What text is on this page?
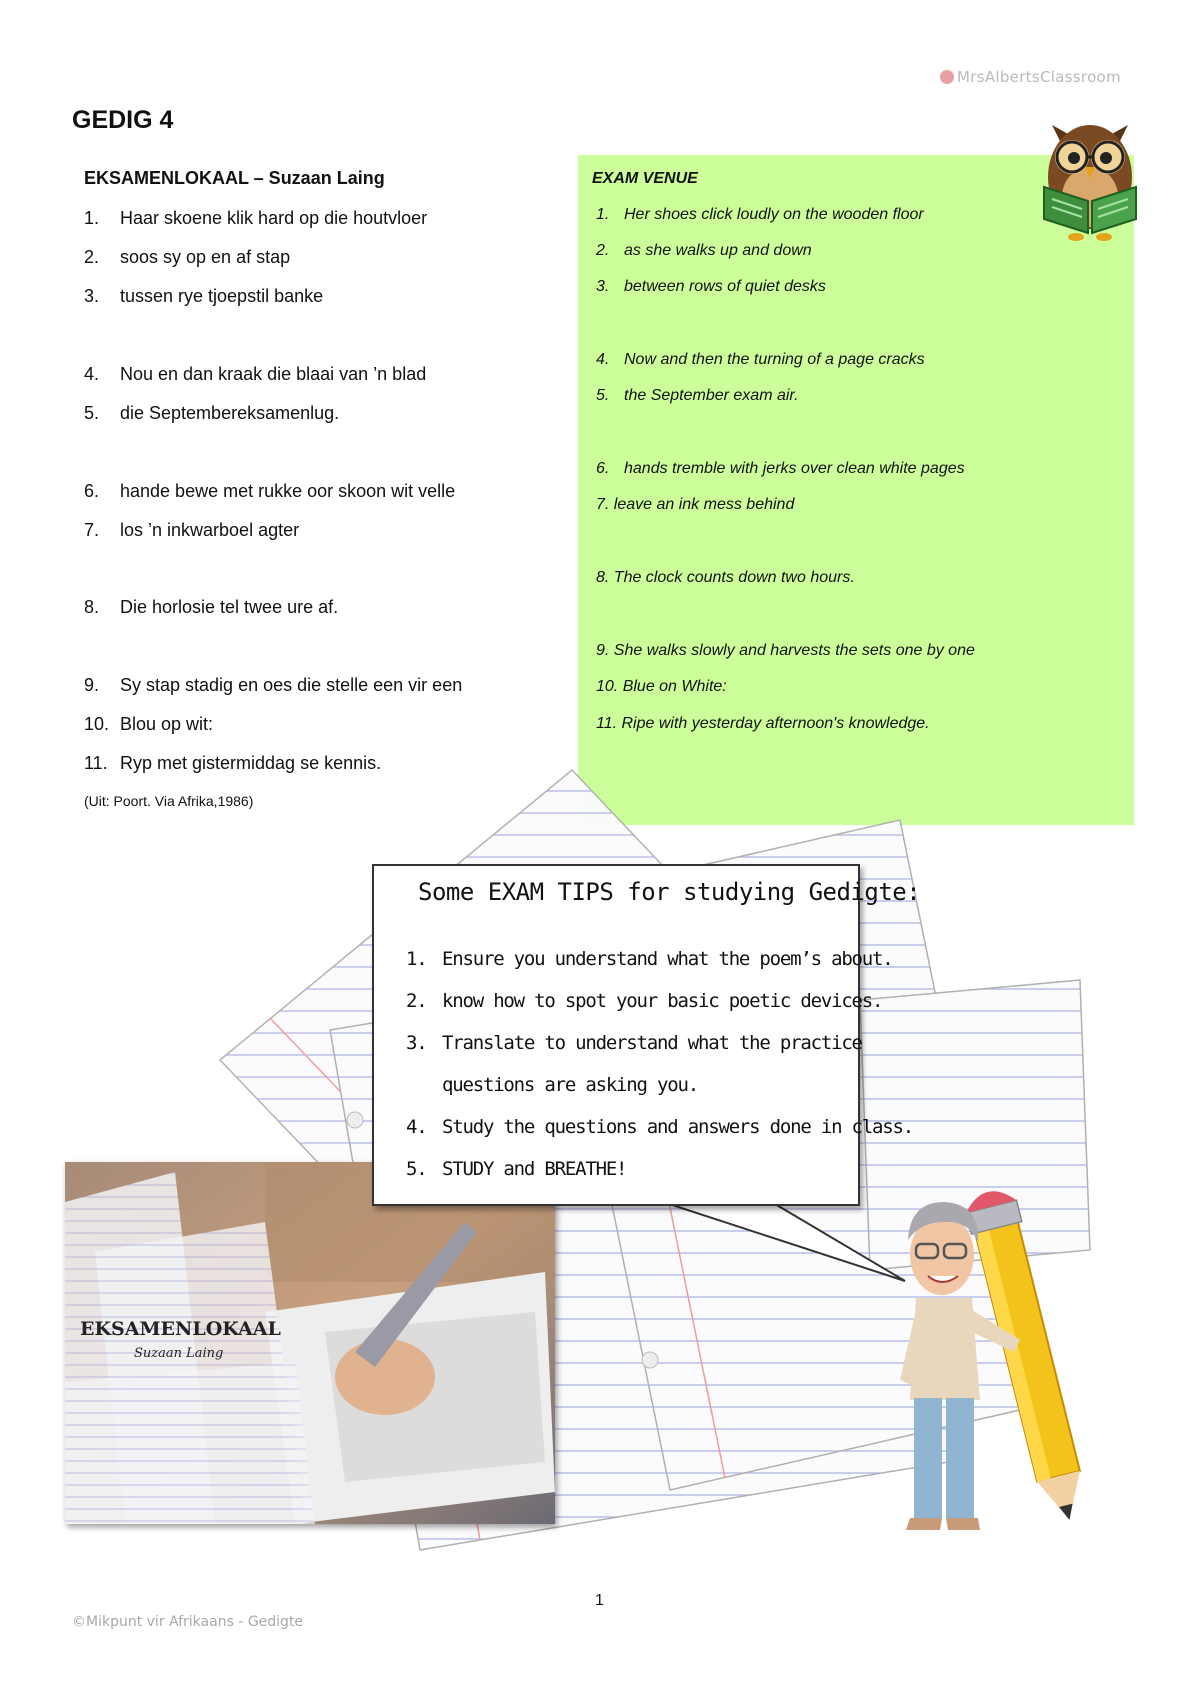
MrsAlbertsClassroom
GEDIG 4
EKSAMENLOKAAL – Suzaan Laing
1. Haar skoene klik hard op die houtvloer
2. soos sy op en af stap
3. tussen rye tjoepstil banke
4. Nou en dan kraak die blaai van ’n blad
5. die Septembereksamenlug.
6. hande bewe met rukke oor skoon wit velle
7. los ’n inkwarboel agter
8. Die horlosie tel twee ure af.
9. Sy stap stadig en oes die stelle een vir een
10. Blou op wit:
11. Ryp met gistermiddag se kennis.
(Uit: Poort. Via Afrika,1986)
EXAM VENUE
1. Her shoes click loudly on the wooden floor
2. as she walks up and down
3. between rows of quiet desks
4. Now and then the turning of a page cracks
5. the September exam air.
6. hands tremble with jerks over clean white pages
7. leave an ink mess behind
8. The clock counts down two hours.
9. She walks slowly and harvests the sets one by one
10. Blue on White:
11. Ripe with yesterday afternoon's knowledge.
EKSAMENLOKAAL
Suzaan Laing
Some EXAM TIPS for studying Gedigte:
1. Ensure you understand what the poem’s about.
2. know how to spot your basic poetic devices.
3. Translate to understand what the practice
questions are asking you.
4. Study the questions and answers done in class.
5. STUDY and BREATHE!
1
©Mikpunt vir Afrikaans - Gedigte
